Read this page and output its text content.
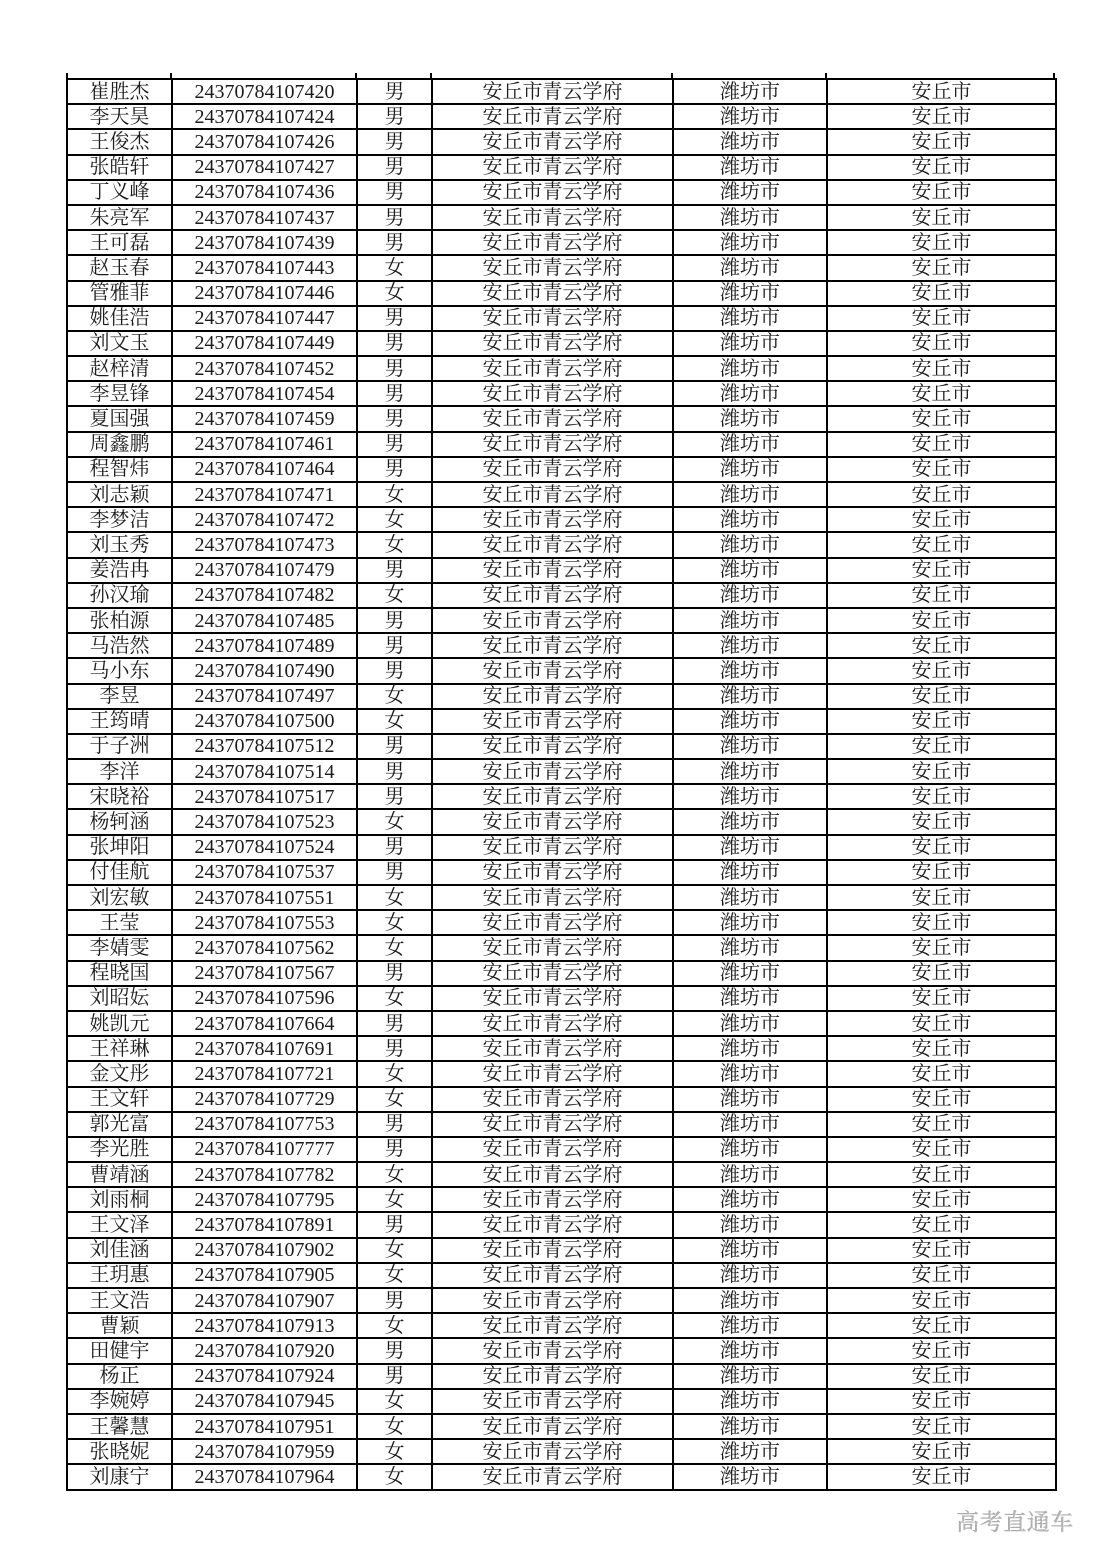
崔胜杰	24370784107420	男	安丘市青云学府	潍坊市	安丘市
李天昊	24370784107424	男	安丘市青云学府	潍坊市	安丘市
王俊杰	24370784107426	男	安丘市青云学府	潍坊市	安丘市
张皓轩	24370784107427	男	安丘市青云学府	潍坊市	安丘市
丁义峰	24370784107436	男	安丘市青云学府	潍坊市	安丘市
朱亮军	24370784107437	男	安丘市青云学府	潍坊市	安丘市
王可磊	24370784107439	男	安丘市青云学府	潍坊市	安丘市
赵玉春	24370784107443	女	安丘市青云学府	潍坊市	安丘市
管雅菲	24370784107446	女	安丘市青云学府	潍坊市	安丘市
姚佳浩	24370784107447	男	安丘市青云学府	潍坊市	安丘市
刘文玉	24370784107449	男	安丘市青云学府	潍坊市	安丘市
赵梓清	24370784107452	男	安丘市青云学府	潍坊市	安丘市
李昱锋	24370784107454	男	安丘市青云学府	潍坊市	安丘市
夏国强	24370784107459	男	安丘市青云学府	潍坊市	安丘市
周鑫鹏	24370784107461	男	安丘市青云学府	潍坊市	安丘市
程智炜	24370784107464	男	安丘市青云学府	潍坊市	安丘市
刘志颖	24370784107471	女	安丘市青云学府	潍坊市	安丘市
李梦洁	24370784107472	女	安丘市青云学府	潍坊市	安丘市
刘玉秀	24370784107473	女	安丘市青云学府	潍坊市	安丘市
姜浩冉	24370784107479	男	安丘市青云学府	潍坊市	安丘市
孙汉瑜	24370784107482	女	安丘市青云学府	潍坊市	安丘市
张柏源	24370784107485	男	安丘市青云学府	潍坊市	安丘市
马浩然	24370784107489	男	安丘市青云学府	潍坊市	安丘市
马小东	24370784107490	男	安丘市青云学府	潍坊市	安丘市
李昱	24370784107497	女	安丘市青云学府	潍坊市	安丘市
王筠晴	24370784107500	女	安丘市青云学府	潍坊市	安丘市
于子洲	24370784107512	男	安丘市青云学府	潍坊市	安丘市
李洋	24370784107514	男	安丘市青云学府	潍坊市	安丘市
宋晓裕	24370784107517	男	安丘市青云学府	潍坊市	安丘市
杨轲涵	24370784107523	女	安丘市青云学府	潍坊市	安丘市
张坤阳	24370784107524	男	安丘市青云学府	潍坊市	安丘市
付佳航	24370784107537	男	安丘市青云学府	潍坊市	安丘市
刘宏敏	24370784107551	女	安丘市青云学府	潍坊市	安丘市
王莹	24370784107553	女	安丘市青云学府	潍坊市	安丘市
李婧雯	24370784107562	女	安丘市青云学府	潍坊市	安丘市
程晓国	24370784107567	男	安丘市青云学府	潍坊市	安丘市
刘昭妘	24370784107596	女	安丘市青云学府	潍坊市	安丘市
姚凯元	24370784107664	男	安丘市青云学府	潍坊市	安丘市
王祥琳	24370784107691	男	安丘市青云学府	潍坊市	安丘市
金文彤	24370784107721	女	安丘市青云学府	潍坊市	安丘市
王文轩	24370784107729	女	安丘市青云学府	潍坊市	安丘市
郭光富	24370784107753	男	安丘市青云学府	潍坊市	安丘市
李光胜	24370784107777	男	安丘市青云学府	潍坊市	安丘市
曹靖涵	24370784107782	女	安丘市青云学府	潍坊市	安丘市
刘雨桐	24370784107795	女	安丘市青云学府	潍坊市	安丘市
王文泽	24370784107891	男	安丘市青云学府	潍坊市	安丘市
刘佳涵	24370784107902	女	安丘市青云学府	潍坊市	安丘市
王玥惠	24370784107905	女	安丘市青云学府	潍坊市	安丘市
王文浩	24370784107907	男	安丘市青云学府	潍坊市	安丘市
曹颖	24370784107913	女	安丘市青云学府	潍坊市	安丘市
田健宇	24370784107920	男	安丘市青云学府	潍坊市	安丘市
杨正	24370784107924	男	安丘市青云学府	潍坊市	安丘市
李婉婷	24370784107945	女	安丘市青云学府	潍坊市	安丘市
王馨慧	24370784107951	女	安丘市青云学府	潍坊市	安丘市
张晓妮	24370784107959	女	安丘市青云学府	潍坊市	安丘市
刘康宁	24370784107964	女	安丘市青云学府	潍坊市	安丘市
高考直通车
